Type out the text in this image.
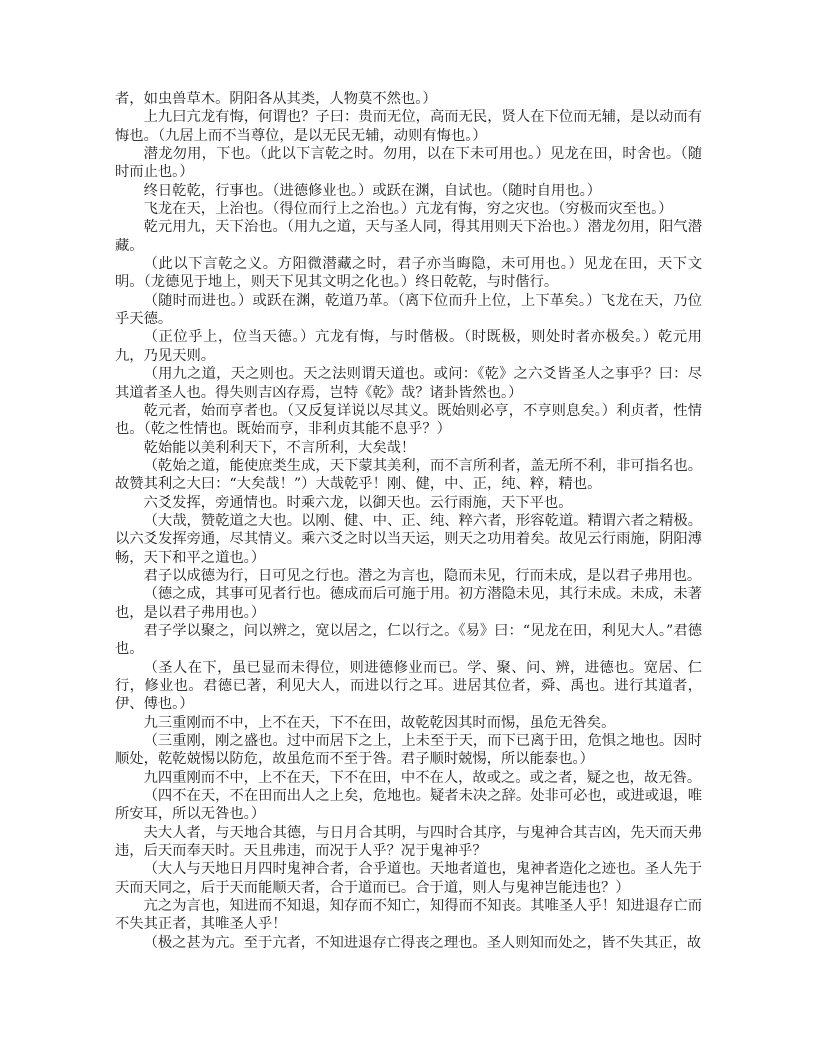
者，如虫兽草木。阴阳各从其类，人物莫不然也。）

上九曰亢龙有悔，何谓也？子曰：贵而无位，高而无民，贤人在下位而无辅，是以动而有悔也。（九居上而不当尊位，是以无民无辅，动则有悔也。）

潜龙勿用，下也。（此以下言乾之时。勿用，以在下未可用也。）见龙在田，时舍也。（随时而止也。）

终日乾乾，行事也。（进德修业也。）或跃在渊，自试也。（随时自用也。）

飞龙在天，上治也。（得位而行上之治也。）亢龙有悔，穷之灾也。（穷极而灾至也。）

乾元用九，天下治也。（用九之道，天与圣人同，得其用则天下治也。）潜龙勿用，阳气潜藏。

（此以下言乾之义。方阳微潜藏之时，君子亦当晦隐，未可用也。）见龙在田，天下文明。（龙德见于地上，则天下见其文明之化也。）终日乾乾，与时偕行。

（随时而进也。）或跃在渊，乾道乃革。（离下位而升上位，上下革矣。）飞龙在天，乃位乎天德。

（正位乎上，位当天德。）亢龙有悔，与时偕极。（时既极，则处时者亦极矣。）乾元用九，乃见天则。

（用九之道，天之则也。天之法则谓天道也。或问：《乾》之六爻皆圣人之事乎？曰：尽其道者圣人也。得失则吉凶存焉，岂特《乾》哉？诸卦皆然也。）

乾元者，始而亨者也。（又反复详说以尽其义。既始则必亨，不亨则息矣。）利贞者，性情也。（乾之性情也。既始而亨，非利贞其能不息乎？）

乾始能以美利利天下，不言所利，大矣哉！

（乾始之道，能使庶类生成，天下蒙其美利，而不言所利者，盖无所不利，非可指名也。故赞其利之大曰：“大矣哉！”）大哉乾乎！刚、健，中、正，纯、粹，精也。

六爻发挥，旁通情也。时乘六龙，以御天也。云行雨施，天下平也。

（大哉，赞乾道之大也。以刚、健、中、正、纯、粹六者，形容乾道。精谓六者之精极。以六爻发挥旁通，尽其情义。乘六爻之时以当天运，则天之功用着矣。故见云行雨施，阴阳溥畅，天下和平之道也。）

君子以成德为行，日可见之行也。潜之为言也，隐而未见，行而未成，是以君子弗用也。

（德之成，其事可见者行也。德成而后可施于用。初方潜隐未见，其行未成。未成，未著也，是以君子弗用也。）

君子学以聚之，问以辨之，宽以居之，仁以行之。《易》曰：“见龙在田，利见大人。”君德也。

（圣人在下，虽已显而未得位，则进德修业而已。学、聚、问、辨，进德也。宽居、仁行，修业也。君德已著，利见大人，而进以行之耳。进居其位者，舜、禹也。进行其道者，伊、傅也。）

九三重刚而不中，上不在天，下不在田，故乾乾因其时而惕，虽危无咎矣。

（三重刚，刚之盛也。过中而居下之上，上未至于天，而下已离于田，危惧之地也。因时顺处，乾乾兢惕以防危，故虽危而不至于咎。君子顺时兢惕，所以能泰也。）

九四重刚而不中，上不在天，下不在田，中不在人，故或之。或之者，疑之也，故无咎。

（四不在天，不在田而出人之上矣，危地也。疑者未决之辞。处非可必也，或进或退，唯所安耳，所以无咎也。）

夫大人者，与天地合其德，与日月合其明，与四时合其序，与鬼神合其吉凶，先天而天弗违，后天而奉天时。天且弗违，而况于人乎？况于鬼神乎？

（大人与天地日月四时鬼神合者，合乎道也。天地者道也，鬼神者造化之迹也。圣人先于天而天同之，后于天而能顺天者，合于道而已。合于道，则人与鬼神岂能违也？）

亢之为言也，知进而不知退，知存而不知亡，知得而不知丧。其唯圣人乎！知进退存亡而不失其正者，其唯圣人乎！

（极之甚为亢。至于亢者，不知进退存亡得丧之理也。圣人则知而处之，皆不失其正，故
